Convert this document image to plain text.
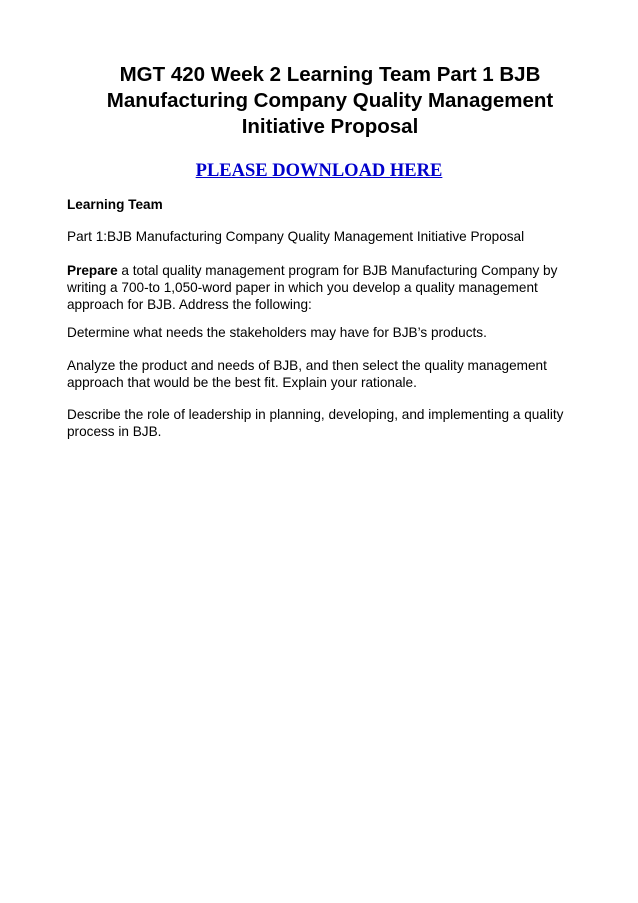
MGT 420 Week 2 Learning Team Part 1 BJB Manufacturing Company Quality Management Initiative Proposal
PLEASE DOWNLOAD HERE

Learning Team

Part 1:BJB Manufacturing Company Quality Management Initiative Proposal

Prepare a total quality management program for BJB Manufacturing Company by writing a 700-to 1,050-word paper in which you develop a quality management approach for BJB. Address the following:

Determine what needs the stakeholders may have for BJB’s products.

Analyze the product and needs of BJB, and then select the quality management approach that would be the best fit. Explain your rationale.

Describe the role of leadership in planning, developing, and implementing a quality process in BJB.
